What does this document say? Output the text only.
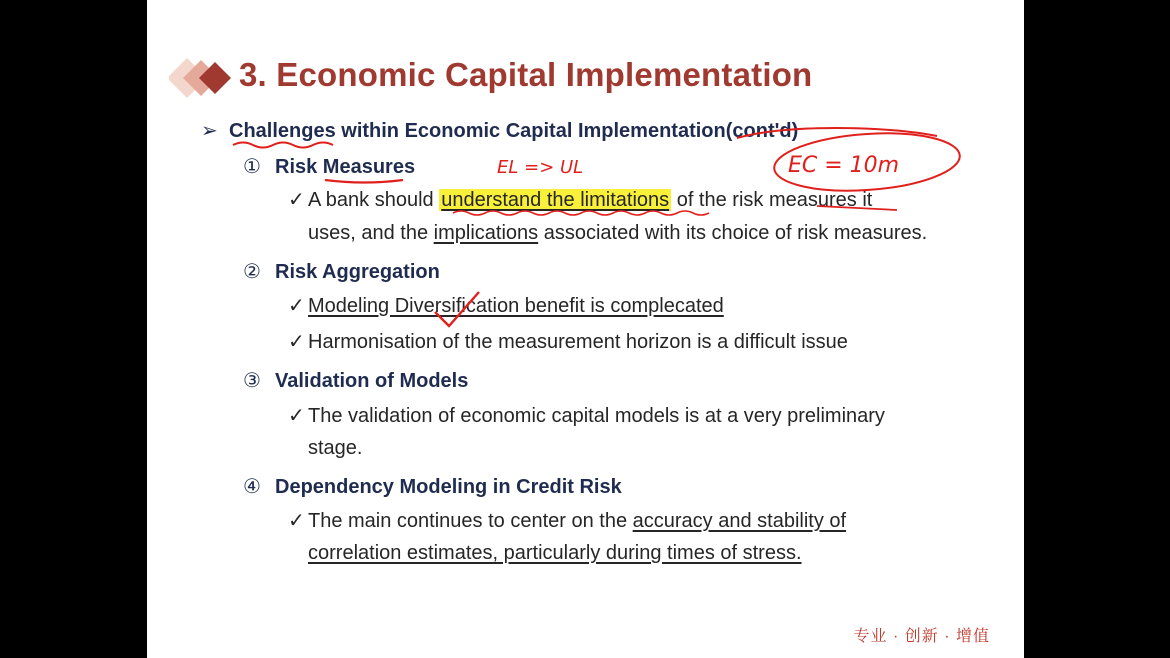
3. Economic Capital Implementation
➢ Challenges within Economic Capital Implementation(cont'd)
① Risk Measures
✓ A bank should understand the limitations of the risk measures it
uses, and the implications associated with its choice of risk measures.
② Risk Aggregation
✓ Modeling Diversification benefit is complecated
✓ Harmonisation of the measurement horizon is a difficult issue
③ Validation of Models
✓ The validation of economic capital models is at a very preliminary
stage.
④ Dependency Modeling in Credit Risk
✓ The main continues to center on the accuracy and stability of
correlation estimates, particularly during times of stress.
专业 · 创新 · 增值
EL => UL	EC = 10m
